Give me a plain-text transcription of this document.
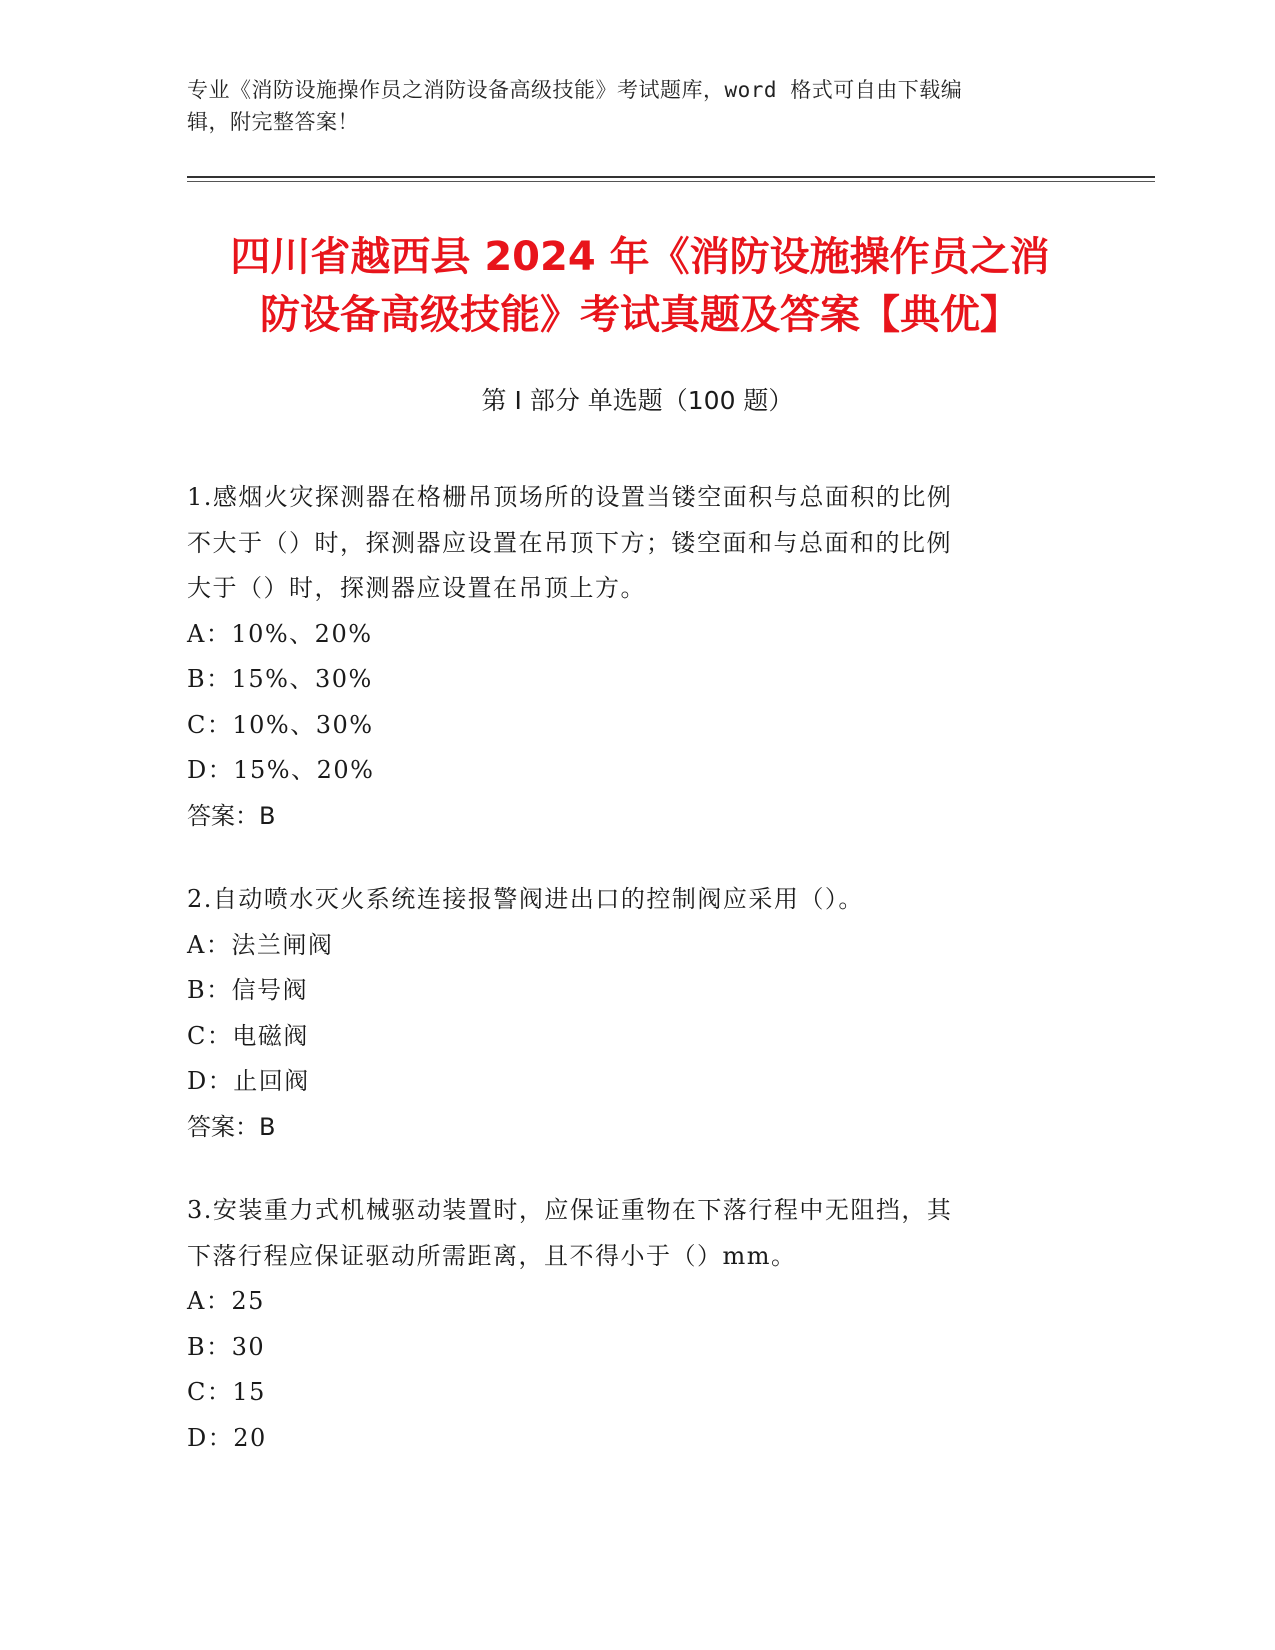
专业《消防设施操作员之消防设备高级技能》考试题库，word 格式可自由下载编
辑，附完整答案！
四川省越西县 2024 年《消防设施操作员之消
防设备高级技能》考试真题及答案【典优】
第 I 部分 单选题（100 题）

1.感烟火灾探测器在格栅吊顶场所的设置当镂空面积与总面积的比例

不大于（）时，探测器应设置在吊顶下方；镂空面和与总面和的比例

大于（）时，探测器应设置在吊顶上方。

A：10%、20%

B：15%、30%

C：10%、30%

D：15%、20%

答案：B

2.自动喷水灭火系统连接报警阀进出口的控制阀应采用（）。

A：法兰闸阀

B：信号阀

C：电磁阀

D：止回阀

答案：B

3.安装重力式机械驱动装置时，应保证重物在下落行程中无阻挡，其

下落行程应保证驱动所需距离，且不得小于（）mm。

A：25

B：30

C：15

D：20
